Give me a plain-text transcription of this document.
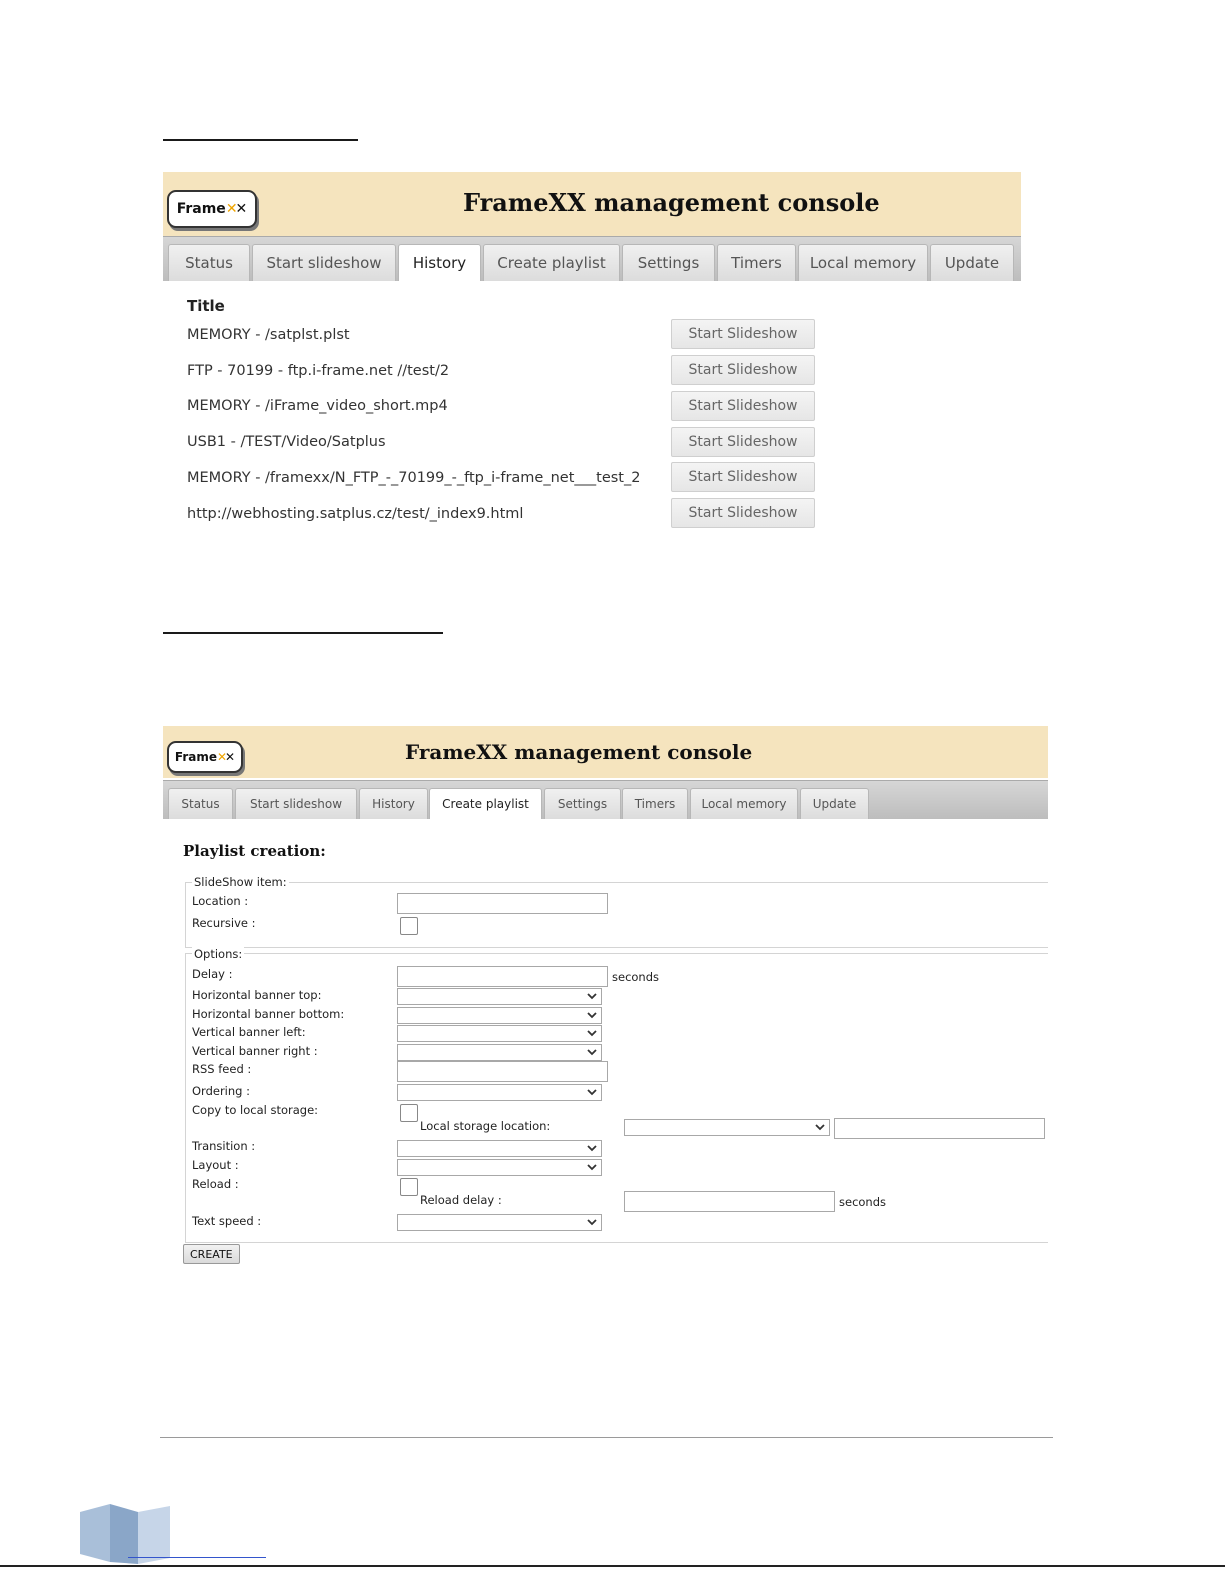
Frame ✕ ✕	FrameXX management console
Status	Start slideshow	History	Create playlist	Settings	Timers	Local memory	Update
Title
MEMORY - /satplst.plst	Start Slideshow
FTP - 70199 - ftp.i-frame.net //test/2	Start Slideshow
MEMORY - /iFrame_video_short.mp4	Start Slideshow
USB1 - /TEST/Video/Satplus	Start Slideshow
MEMORY - /framexx/N_FTP_-_70199_-_ftp_i-frame_net___test_2	Start Slideshow
http://webhosting.satplus.cz/test/_index9.html	Start Slideshow
Frame ✕ ✕	FrameXX management console
Status	Start slideshow	History	Create playlist	Settings	Timers	Local memory	Update
Playlist creation:
SlideShow item:
Location :
Recursive :
Options:
Delay :	seconds
Horizontal banner top:
Horizontal banner bottom:
Vertical banner left:
Vertical banner right :
RSS feed :
Ordering :
Copy to local storage:
Local storage location:
Transition :
Layout :
Reload :
Reload delay :	seconds
Text speed :
CREATE
